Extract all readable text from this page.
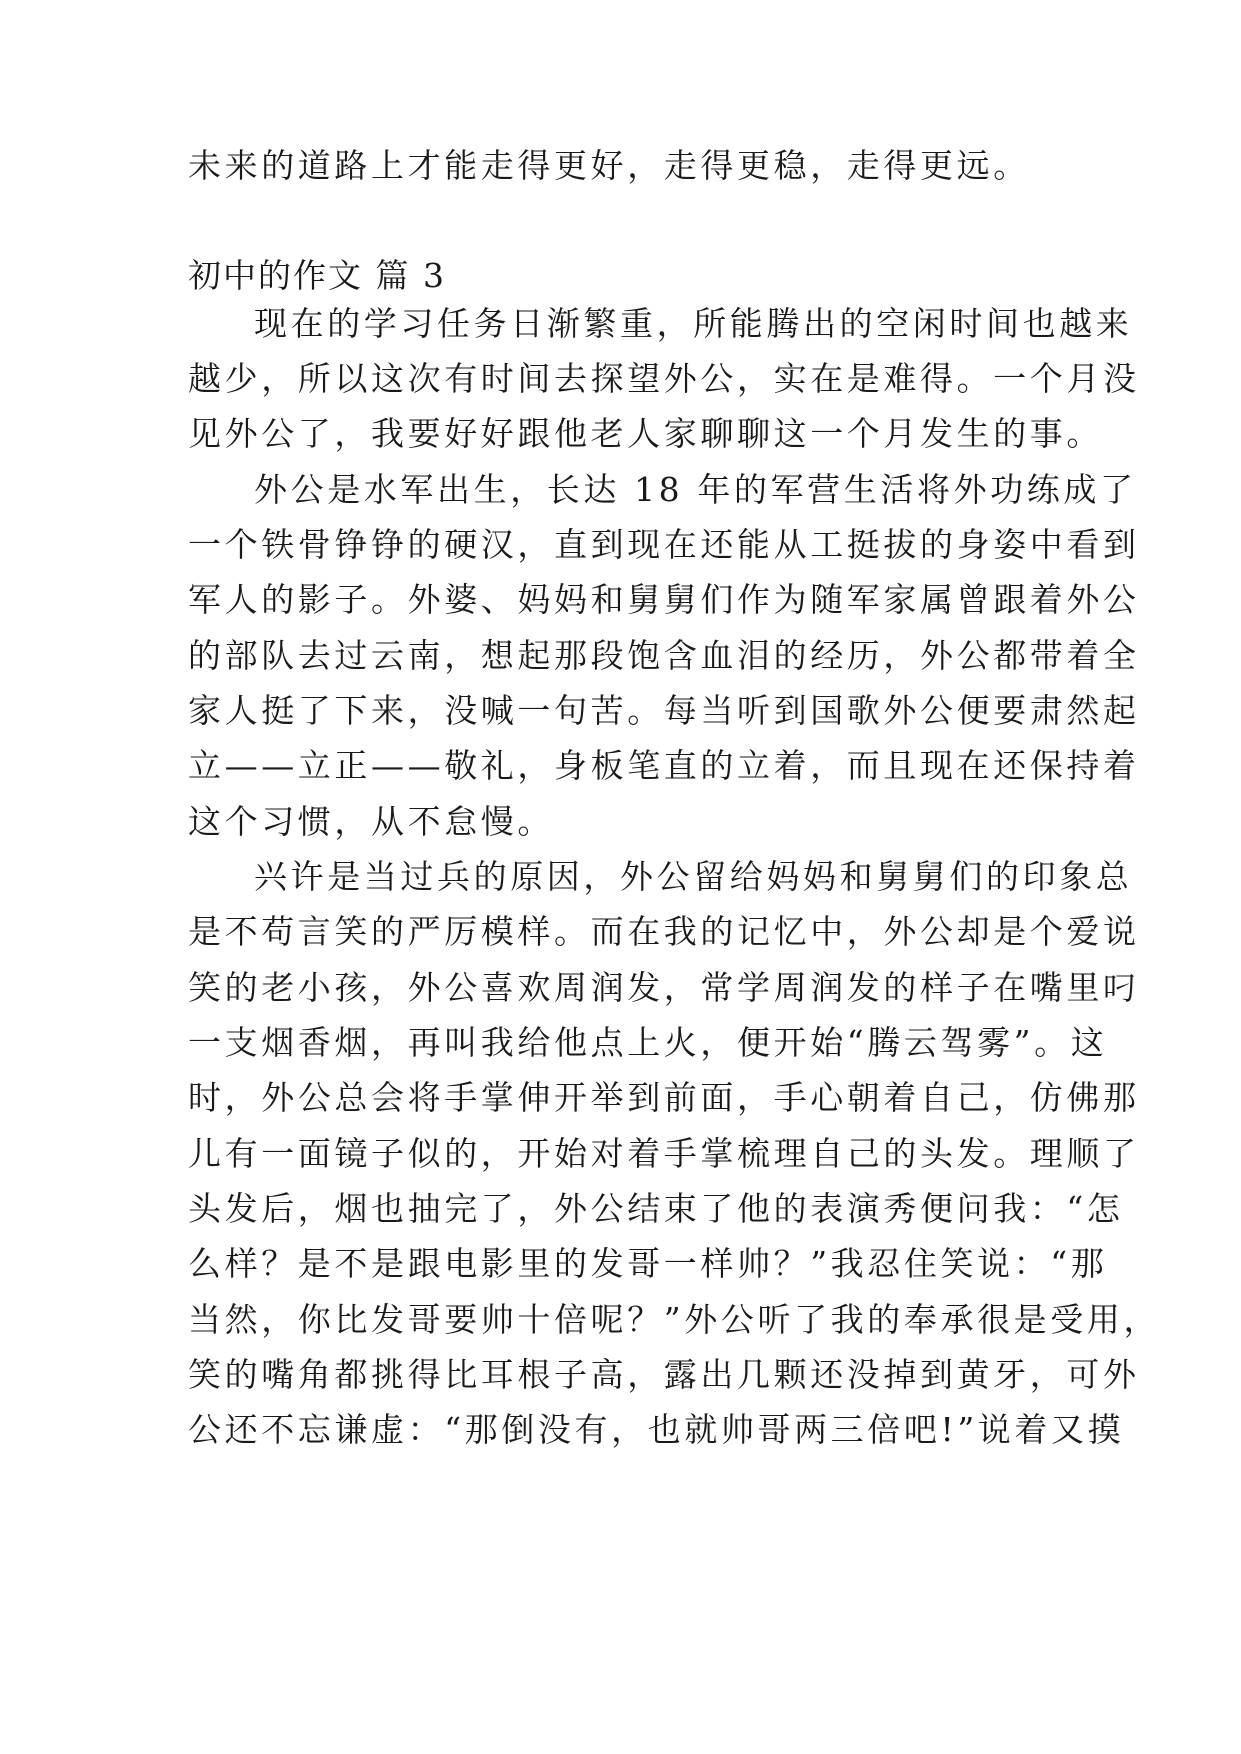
未来的道路上才能走得更好，走得更稳，走得更远。
初中的作文 篇 3
现在的学习任务日渐繁重，所能腾出的空闲时间也越来
越少，所以这次有时间去探望外公，实在是难得。一个月没
见外公了，我要好好跟他老人家聊聊这一个月发生的事。
外公是水军出生，长达 18 年的军营生活将外功练成了
一个铁骨铮铮的硬汉，直到现在还能从工挺拔的身姿中看到
军人的影子。外婆、妈妈和舅舅们作为随军家属曾跟着外公
的部队去过云南，想起那段饱含血泪的经历，外公都带着全
家人挺了下来，没喊一句苦。每当听到国歌外公便要肃然起
立——立正——敬礼，身板笔直的立着，而且现在还保持着
这个习惯，从不怠慢。
兴许是当过兵的原因，外公留给妈妈和舅舅们的印象总
是不苟言笑的严厉模样。而在我的记忆中，外公却是个爱说
笑的老小孩，外公喜欢周润发，常学周润发的样子在嘴里叼
一支烟香烟，再叫我给他点上火，便开始“腾云驾雾”。这
时，外公总会将手掌伸开举到前面，手心朝着自己，仿佛那
儿有一面镜子似的，开始对着手掌梳理自己的头发。理顺了
头发后，烟也抽完了，外公结束了他的表演秀便问我：“怎
么样？是不是跟电影里的发哥一样帅？”我忍住笑说：“那
当然，你比发哥要帅十倍呢？”外公听了我的奉承很是受用，
笑的嘴角都挑得比耳根子高，露出几颗还没掉到黄牙，可外
公还不忘谦虚：“那倒没有，也就帅哥两三倍吧!”说着又摸
